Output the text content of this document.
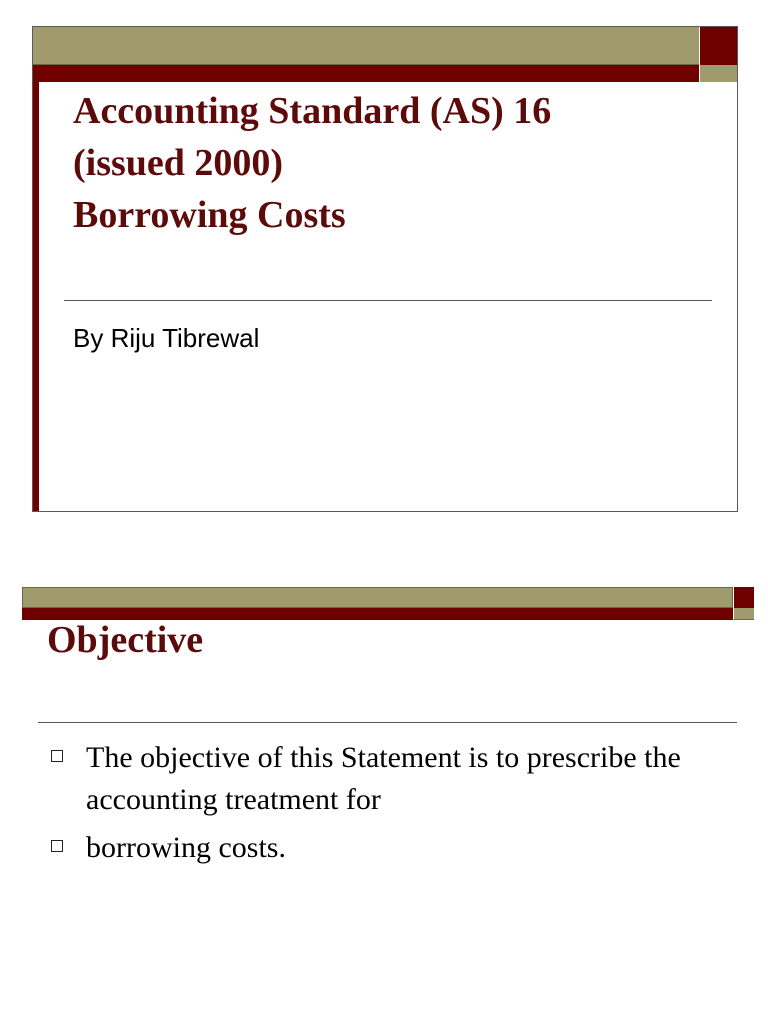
Accounting Standard (AS) 16
(issued 2000)
Borrowing Costs
By Riju Tibrewal
Objective
The objective of this Statement is to prescribe the accounting treatment for
borrowing costs.
